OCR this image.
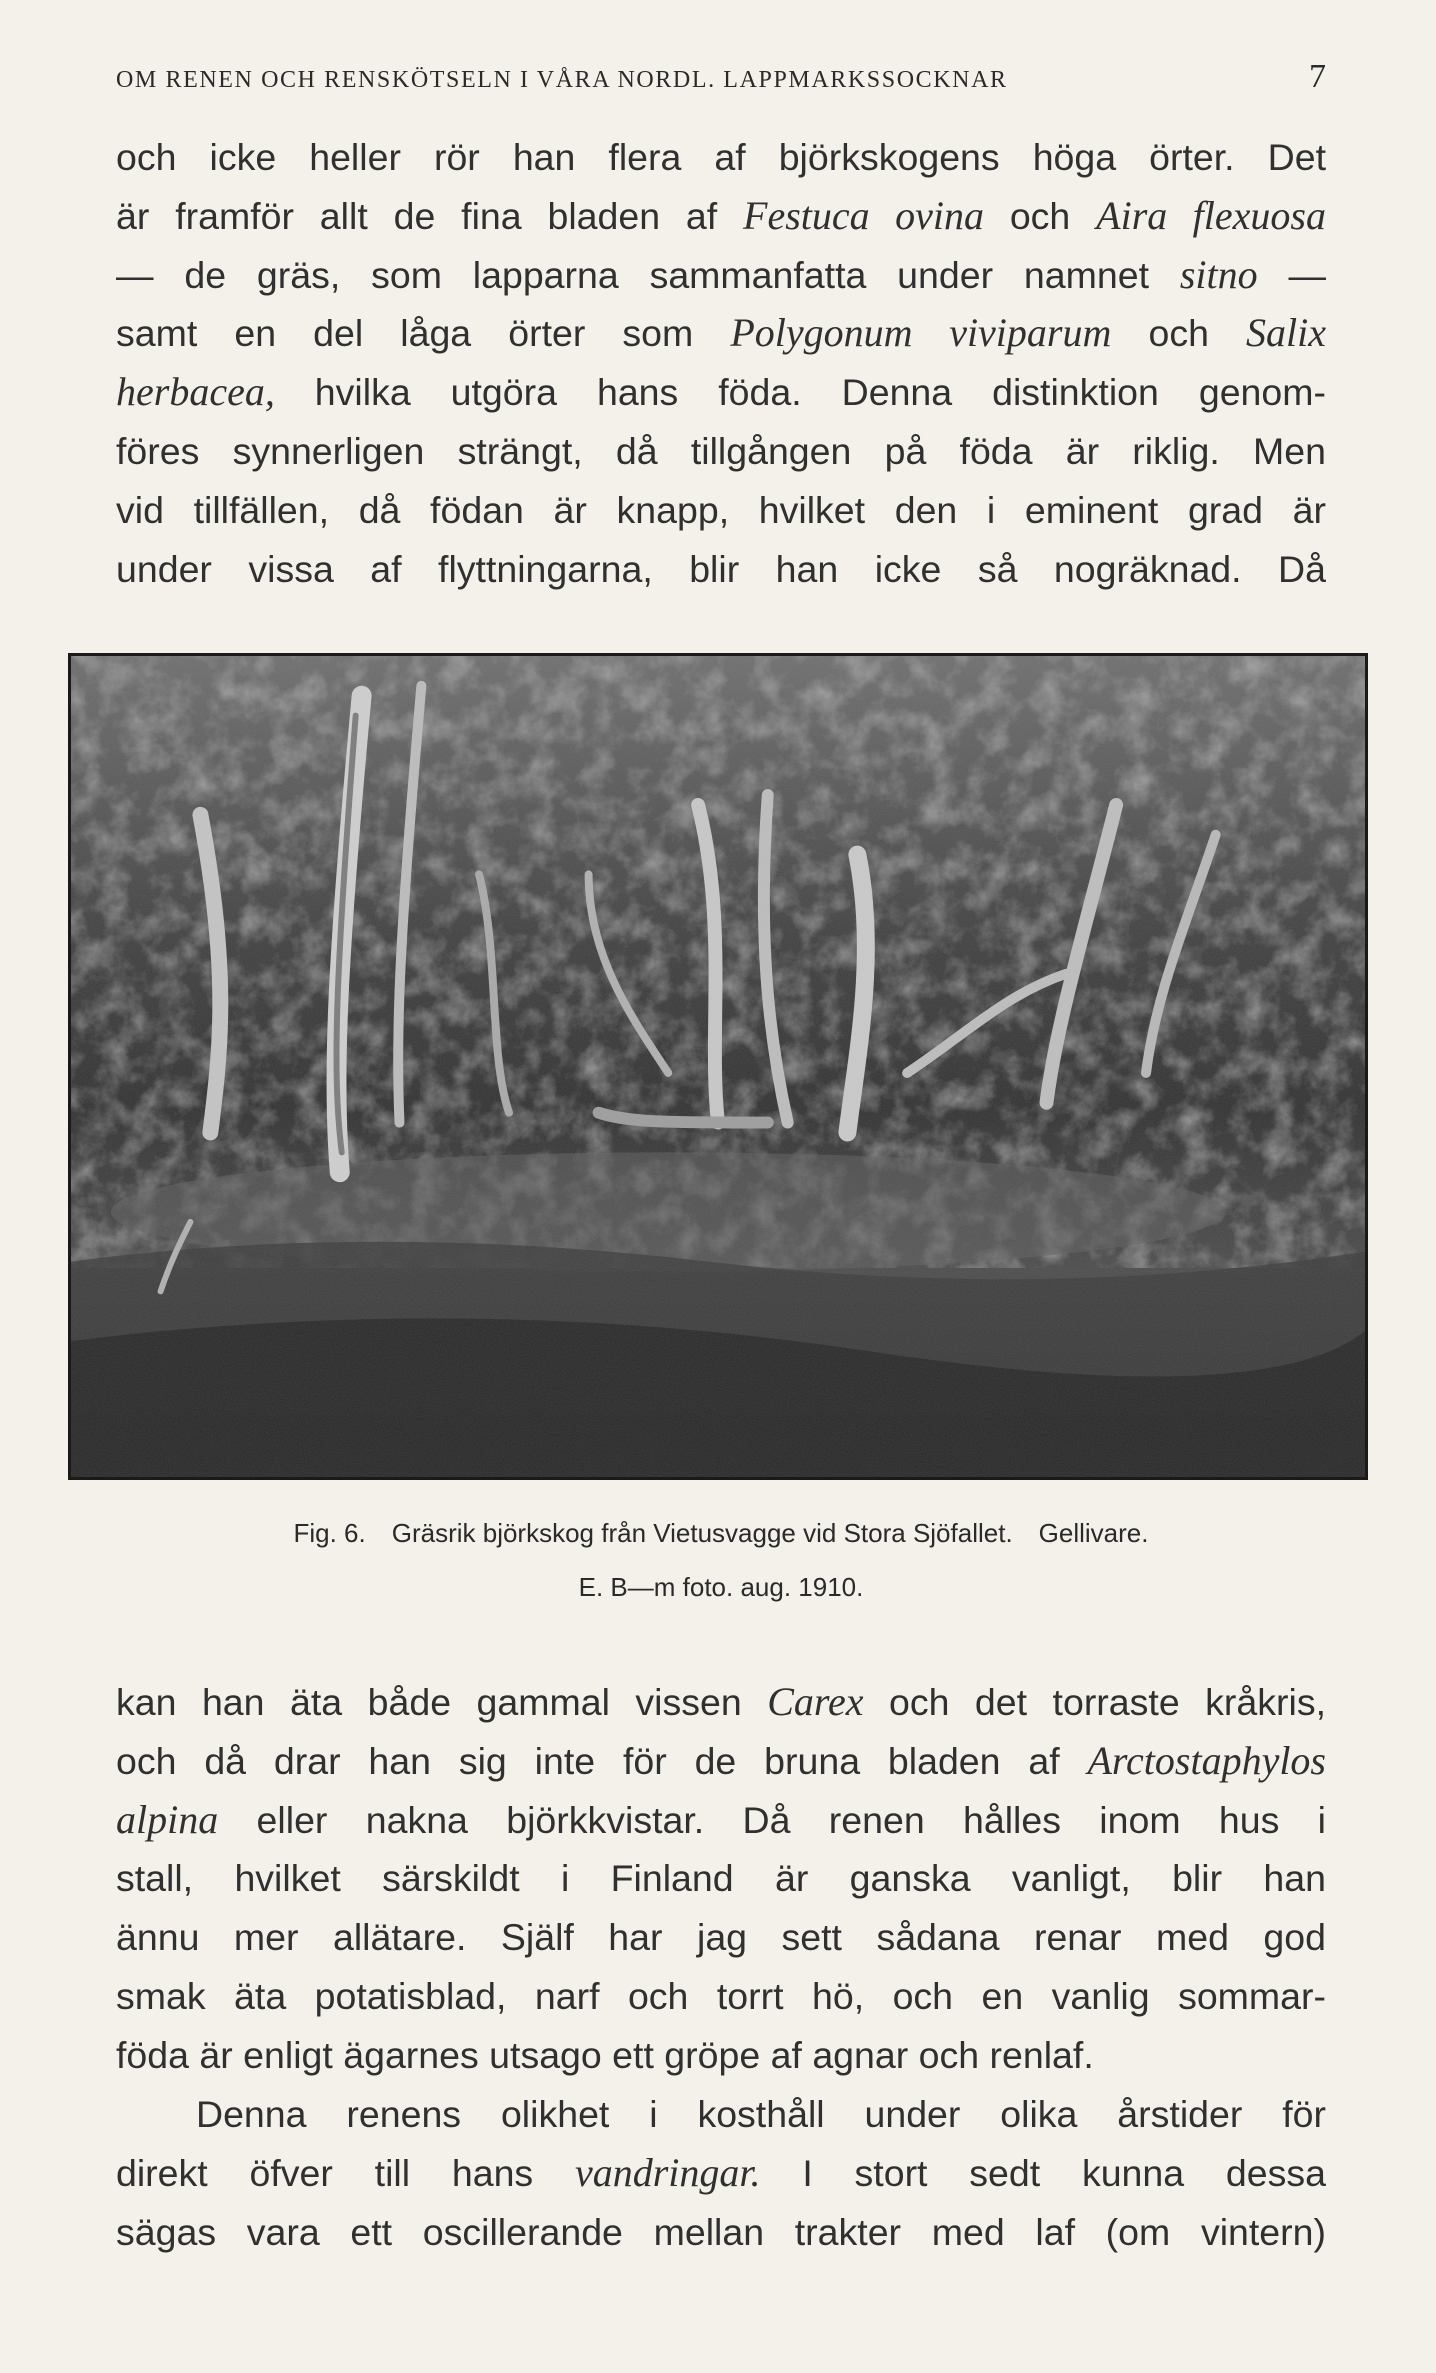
OM RENEN OCH RENSKÖTSELN I VÅRA NORDL. LAPPMARKSSOCKNAR	7
och icke heller rör han flera af björkskogens höga örter. Det
är framför allt de fina bladen af Festuca ovina och Aira flexuosa
— de gräs, som lapparna sammanfatta under namnet sitno —
samt en del låga örter som Polygonum viviparum och Salix
herbacea, hvilka utgöra hans föda. Denna distinktion genom-
föres synnerligen strängt, då tillgången på föda är riklig. Men
vid tillfällen, då födan är knapp, hvilket den i eminent grad är
under vissa af flyttningarna, blir han icke så nogräknad. Då
Fig. 6. Gräsrik björkskog från Vietusvagge vid Stora Sjöfallet. Gellivare.
E. B—m foto. aug. 1910.
kan han äta både gammal vissen Carex och det torraste kråkris,
och då drar han sig inte för de bruna bladen af Arctostaphylos
alpina eller nakna björkkvistar. Då renen hålles inom hus i
stall, hvilket särskildt i Finland är ganska vanligt, blir han
ännu mer allätare. Själf har jag sett sådana renar med god
smak äta potatisblad, narf och torrt hö, och en vanlig sommar-
föda är enligt ägarnes utsago ett gröpe af agnar och renlaf.
Denna renens olikhet i kosthåll under olika årstider för
direkt öfver till hans vandringar. I stort sedt kunna dessa
sägas vara ett oscillerande mellan trakter med laf (om vintern)
